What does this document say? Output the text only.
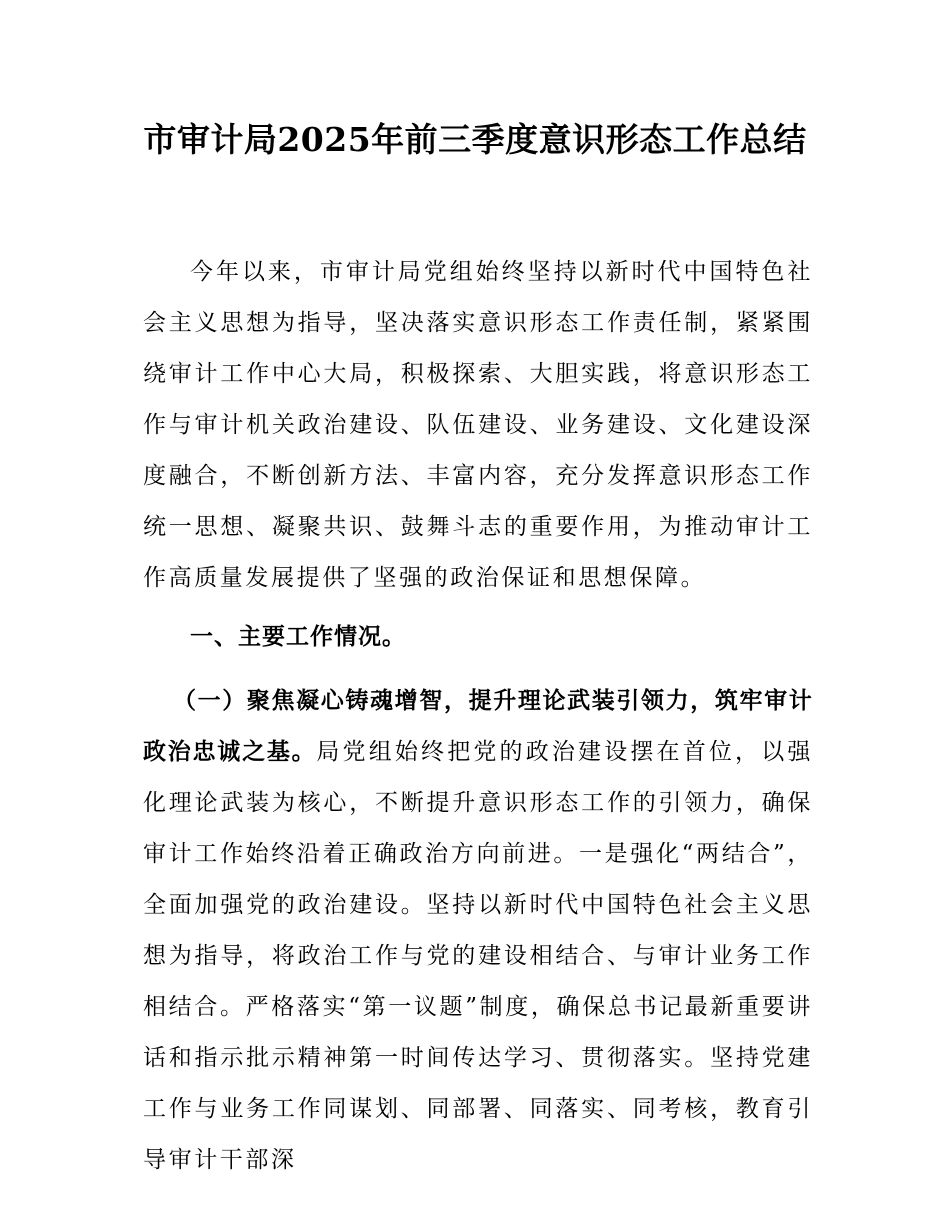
市审计局2025年前三季度意识形态工作总结

今年以来，市审计局党组始终坚持以新时代中国特色社会主义思想为指导，坚决落实意识形态工作责任制，紧紧围绕审计工作中心大局，积极探索、大胆实践，将意识形态工作与审计机关政治建设、队伍建设、业务建设、文化建设深度融合，不断创新方法、丰富内容，充分发挥意识形态工作统一思想、凝聚共识、鼓舞斗志的重要作用，为推动审计工作高质量发展提供了坚强的政治保证和思想保障。

一、主要工作情况。

（一）聚焦凝心铸魂增智，提升理论武装引领力，筑牢审计政治忠诚之基。局党组始终把党的政治建设摆在首位，以强化理论武装为核心，不断提升意识形态工作的引领力，确保审计工作始终沿着正确政治方向前进。一是强化“两结合”，全面加强党的政治建设。坚持以新时代中国特色社会主义思想为指导，将政治工作与党的建设相结合、与审计业务工作相结合。严格落实“第一议题”制度，确保总书记最新重要讲话和指示批示精神第一时间传达学习、贯彻落实。坚持党建工作与业务工作同谋划、同部署、同落实、同考核，教育引导审计干部深
